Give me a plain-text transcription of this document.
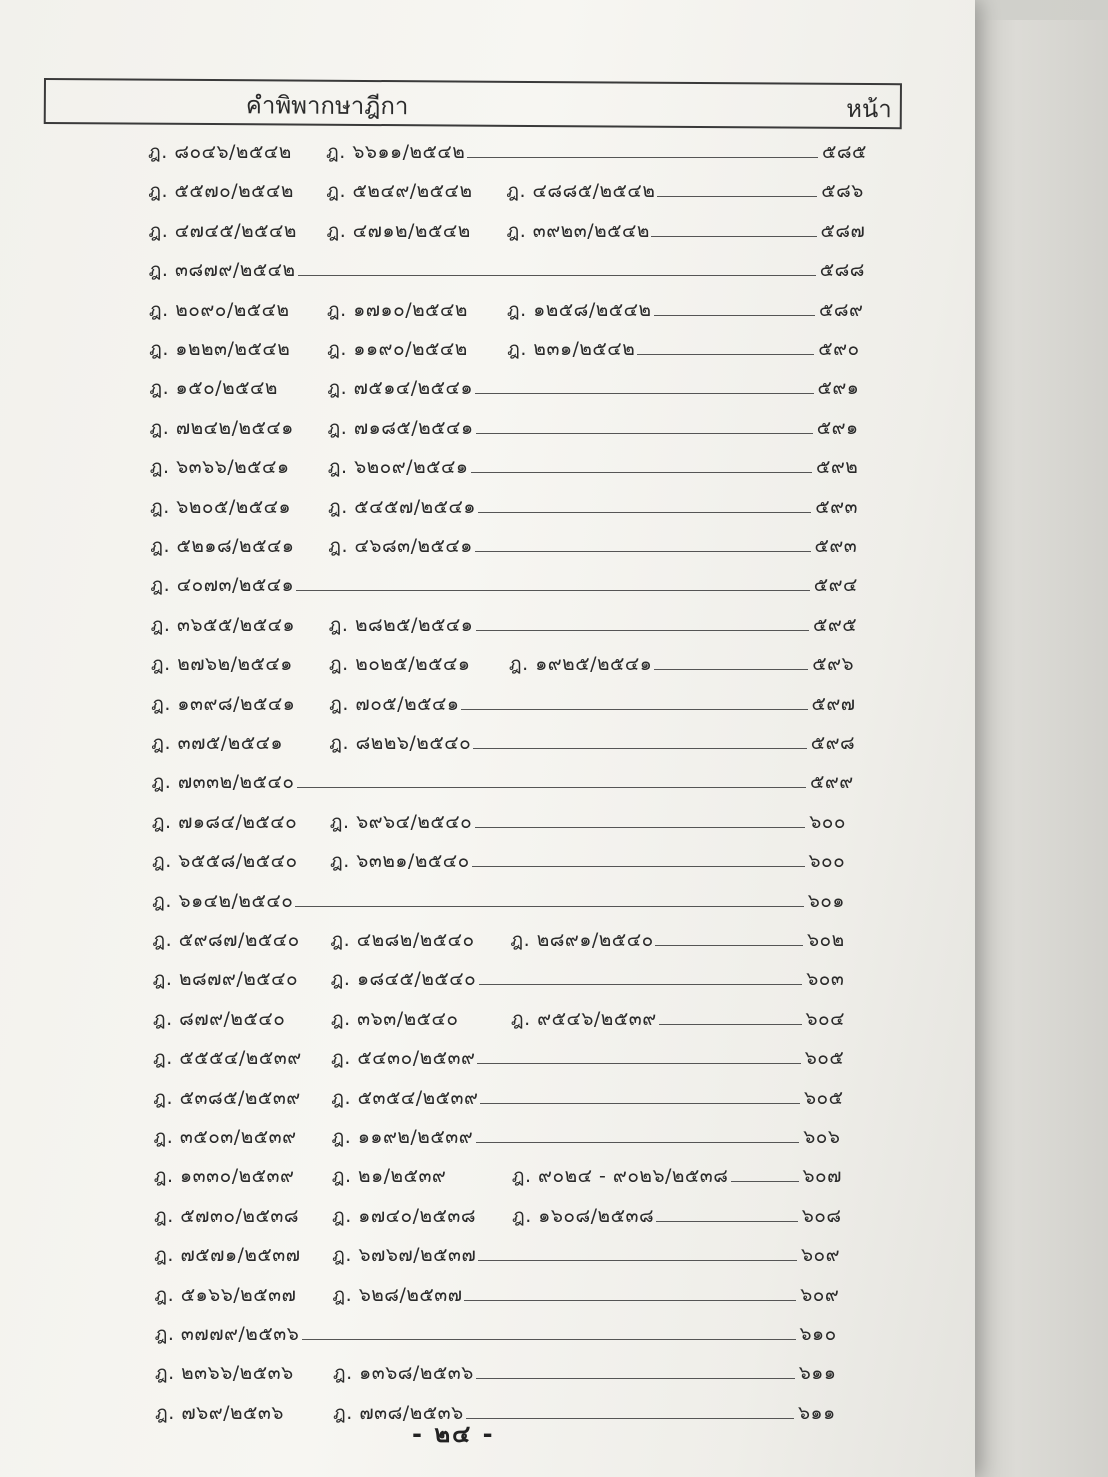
คำพิพากษาฎีกา	หน้า
ฎ. ๘๐๔๖/๒๕๔๒ ฎ. ๖๖๑๑/๒๕๔๒	๕๘๕
ฎ. ๕๕๗๐/๒๕๔๒ ฎ. ๕๒๔๙/๒๕๔๒ ฎ. ๔๘๘๕/๒๕๔๒	๕๘๖
ฎ. ๔๗๔๕/๒๕๔๒ ฎ. ๔๗๑๒/๒๕๔๒ ฎ. ๓๙๒๓/๒๕๔๒	๕๘๗
ฎ. ๓๘๗๙/๒๕๔๒	๕๘๘
ฎ. ๒๐๙๐/๒๕๔๒ ฎ. ๑๗๑๐/๒๕๔๒ ฎ. ๑๒๕๘/๒๕๔๒	๕๘๙
ฎ. ๑๒๒๓/๒๕๔๒ ฎ. ๑๑๙๐/๒๕๔๒ ฎ. ๒๓๑/๒๕๔๒	๕๙๐
ฎ. ๑๕๐/๒๕๔๒	ฎ. ๗๕๑๔/๒๕๔๑	๕๙๑
ฎ. ๗๒๔๒/๒๕๔๑ ฎ. ๗๑๘๕/๒๕๔๑	๕๙๑
ฎ. ๖๓๖๖/๒๕๔๑ ฎ. ๖๒๐๙/๒๕๔๑	๕๙๒
ฎ. ๖๒๐๕/๒๕๔๑ ฎ. ๕๔๕๗/๒๕๔๑	๕๙๓
ฎ. ๕๒๑๘/๒๕๔๑ ฎ. ๔๖๘๓/๒๕๔๑	๕๙๓
ฎ. ๔๐๗๓/๒๕๔๑	๕๙๔
ฎ. ๓๖๕๕/๒๕๔๑ ฎ. ๒๘๒๕/๒๕๔๑	๕๙๕
ฎ. ๒๗๖๒/๒๕๔๑ ฎ. ๒๐๒๕/๒๕๔๑ ฎ. ๑๙๒๕/๒๕๔๑	๕๙๖
ฎ. ๑๓๙๘/๒๕๔๑ ฎ. ๗๐๕/๒๕๔๑	๕๙๗
ฎ. ๓๗๕/๒๕๔๑ ฎ. ๘๒๒๖/๒๕๔๐	๕๙๘
ฎ. ๗๓๓๒/๒๕๔๐	๕๙๙
ฎ. ๗๑๘๔/๒๕๔๐ ฎ. ๖๙๖๔/๒๕๔๐	๖๐๐
ฎ. ๖๕๕๘/๒๕๔๐ ฎ. ๖๓๒๑/๒๕๔๐	๖๐๐
ฎ. ๖๑๔๒/๒๕๔๐	๖๐๑
ฎ. ๕๙๘๗/๒๕๔๐ ฎ. ๔๒๘๒/๒๕๔๐ ฎ. ๒๘๙๑/๒๕๔๐	๖๐๒
ฎ. ๒๘๗๙/๒๕๔๐ ฎ. ๑๘๔๕/๒๕๔๐	๖๐๓
ฎ. ๘๗๙/๒๕๔๐ ฎ. ๓๖๓/๒๕๔๐	ฎ. ๙๕๔๖/๒๕๓๙	๖๐๔
ฎ. ๕๕๕๔/๒๕๓๙ ฎ. ๕๔๓๐/๒๕๓๙	๖๐๕
ฎ. ๕๓๘๕/๒๕๓๙ ฎ. ๕๓๕๔/๒๕๓๙	๖๐๕
ฎ. ๓๕๐๓/๒๕๓๙ ฎ. ๑๑๙๒/๒๕๓๙	๖๐๖
ฎ. ๑๓๓๐/๒๕๓๙ ฎ. ๒๑/๒๕๓๙	ฎ. ๙๐๒๔ - ๙๐๒๖/๒๕๓๘	๖๐๗
ฎ. ๕๗๓๐/๒๕๓๘ ฎ. ๑๗๔๐/๒๕๓๘ ฎ. ๑๖๐๘/๒๕๓๘	๖๐๘
ฎ. ๗๕๗๑/๒๕๓๗ ฎ. ๖๗๖๗/๒๕๓๗	๖๐๙
ฎ. ๕๑๖๖/๒๕๓๗ ฎ. ๖๒๘/๒๕๓๗	๖๐๙
ฎ. ๓๗๗๙/๒๕๓๖	๖๑๐
ฎ. ๒๓๖๖/๒๕๓๖ ฎ. ๑๓๖๘/๒๕๓๖	๖๑๑
ฎ. ๗๖๙/๒๕๓๖	ฎ. ๗๓๘/๒๕๓๖	๖๑๑
- ๒๔ -
